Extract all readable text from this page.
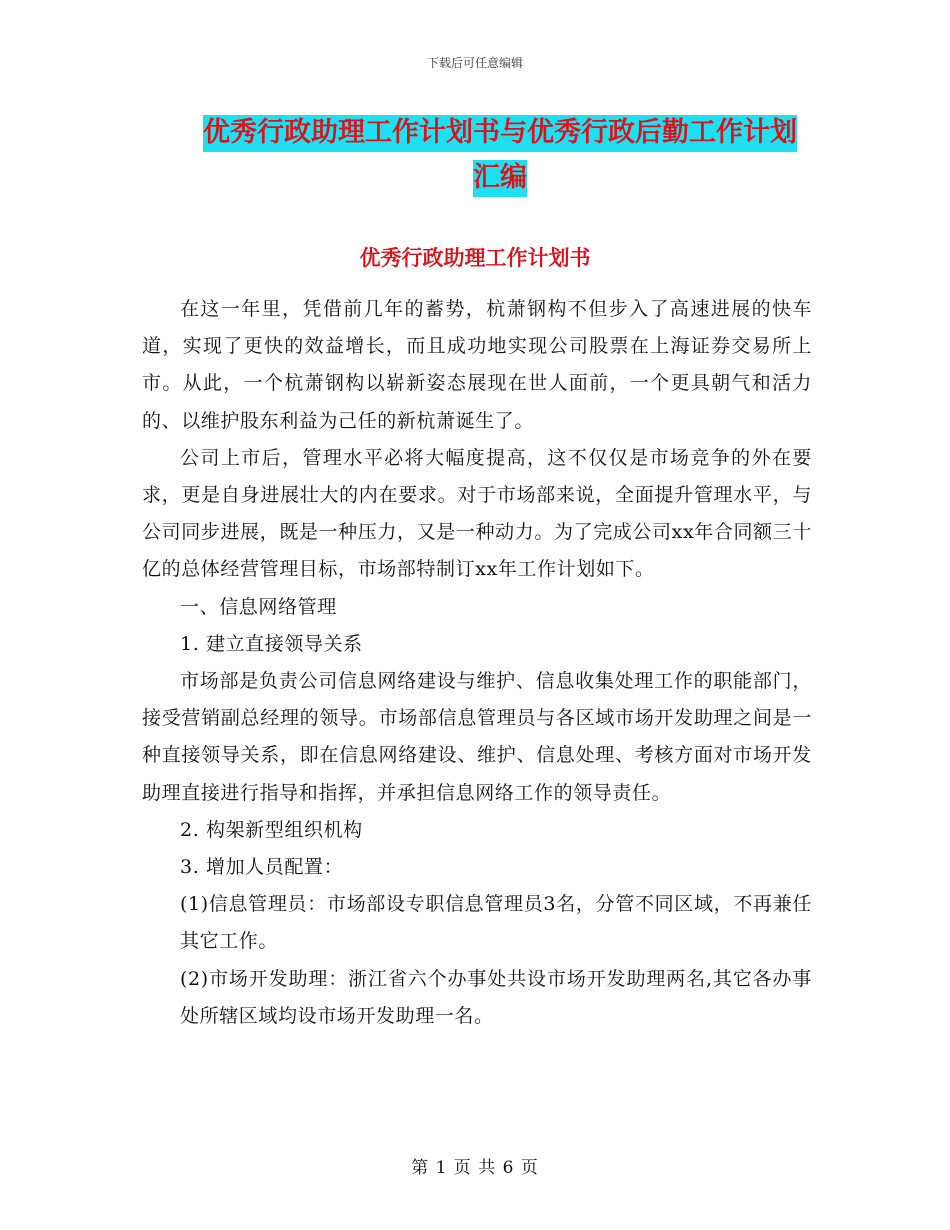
下载后可任意编辑
优秀行政助理工作计划书与优秀行政后勤工作计划汇编
优秀行政助理工作计划书

在这一年里，凭借前几年的蓄势，杭萧钢构不但步入了高速进展的快车道，实现了更快的效益增长，而且成功地实现公司股票在上海证券交易所上市。从此，一个杭萧钢构以崭新姿态展现在世人面前，一个更具朝气和活力的、以维护股东利益为己任的新杭萧诞生了。

公司上市后，管理水平必将大幅度提高，这不仅仅是市场竞争的外在要求，更是自身进展壮大的内在要求。对于市场部来说，全面提升管理水平，与公司同步进展，既是一种压力，又是一种动力。为了完成公司xx年合同额三十亿的总体经营管理目标，市场部特制订xx年工作计划如下。

一、信息网络管理

1. 建立直接领导关系

市场部是负责公司信息网络建设与维护、信息收集处理工作的职能部门，接受营销副总经理的领导。市场部信息管理员与各区域市场开发助理之间是一种直接领导关系，即在信息网络建设、维护、信息处理、考核方面对市场开发助理直接进行指导和指挥，并承担信息网络工作的领导责任。

2. 构架新型组织机构

3. 增加人员配置：

(1)信息管理员：市场部设专职信息管理员3名，分管不同区域，不再兼任其它工作。

(2)市场开发助理：浙江省六个办事处共设市场开发助理两名,其它各办事处所辖区域均设市场开发助理一名。

第 1 页 共 6 页
